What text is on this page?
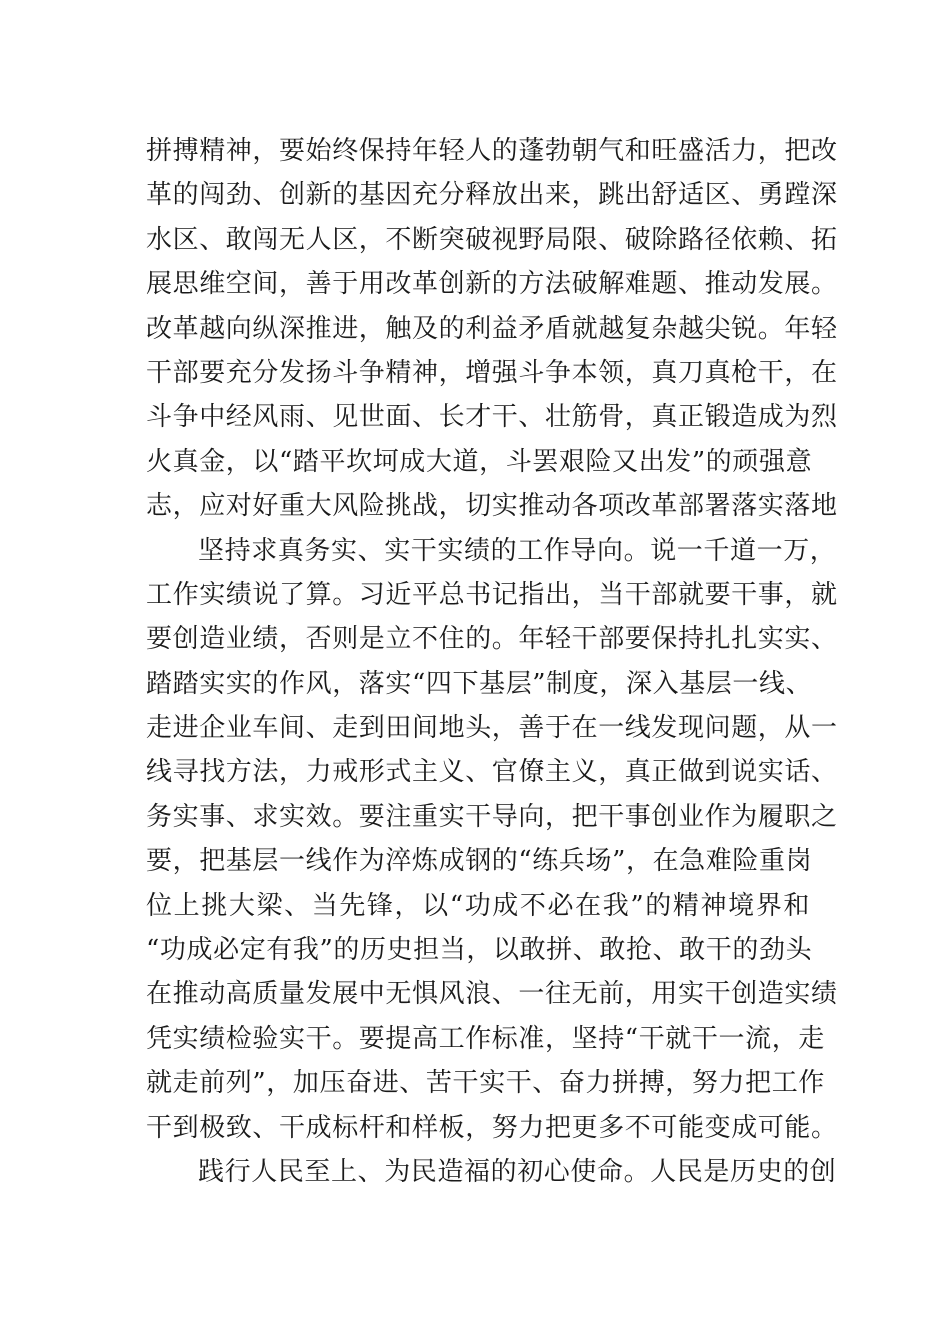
拼搏精神，要始终保持年轻人的蓬勃朝气和旺盛活力，把改
革的闯劲、创新的基因充分释放出来，跳出舒适区、勇蹚深
水区、敢闯无人区，不断突破视野局限、破除路径依赖、拓
展思维空间，善于用改革创新的方法破解难题、推动发展。
改革越向纵深推进，触及的利益矛盾就越复杂越尖锐。年轻
干部要充分发扬斗争精神，增强斗争本领，真刀真枪干，在
斗争中经风雨、见世面、长才干、壮筋骨，真正锻造成为烈
火真金，以“踏平坎坷成大道，斗罢艰险又出发”的顽强意
志，应对好重大风险挑战，切实推动各项改革部署落实落地
坚持求真务实、实干实绩的工作导向。说一千道一万，
工作实绩说了算。习近平总书记指出，当干部就要干事，就
要创造业绩，否则是立不住的。年轻干部要保持扎扎实实、
踏踏实实的作风，落实“四下基层”制度，深入基层一线、
走进企业车间、走到田间地头，善于在一线发现问题，从一
线寻找方法，力戒形式主义、官僚主义，真正做到说实话、
务实事、求实效。要注重实干导向，把干事创业作为履职之
要，把基层一线作为淬炼成钢的“练兵场”，在急难险重岗
位上挑大梁、当先锋，以“功成不必在我”的精神境界和
“功成必定有我”的历史担当，以敢拼、敢抢、敢干的劲头
在推动高质量发展中无惧风浪、一往无前，用实干创造实绩
凭实绩检验实干。要提高工作标准，坚持“干就干一流，走
就走前列”，加压奋进、苦干实干、奋力拼搏，努力把工作
干到极致、干成标杆和样板，努力把更多不可能变成可能。
践行人民至上、为民造福的初心使命。人民是历史的创
